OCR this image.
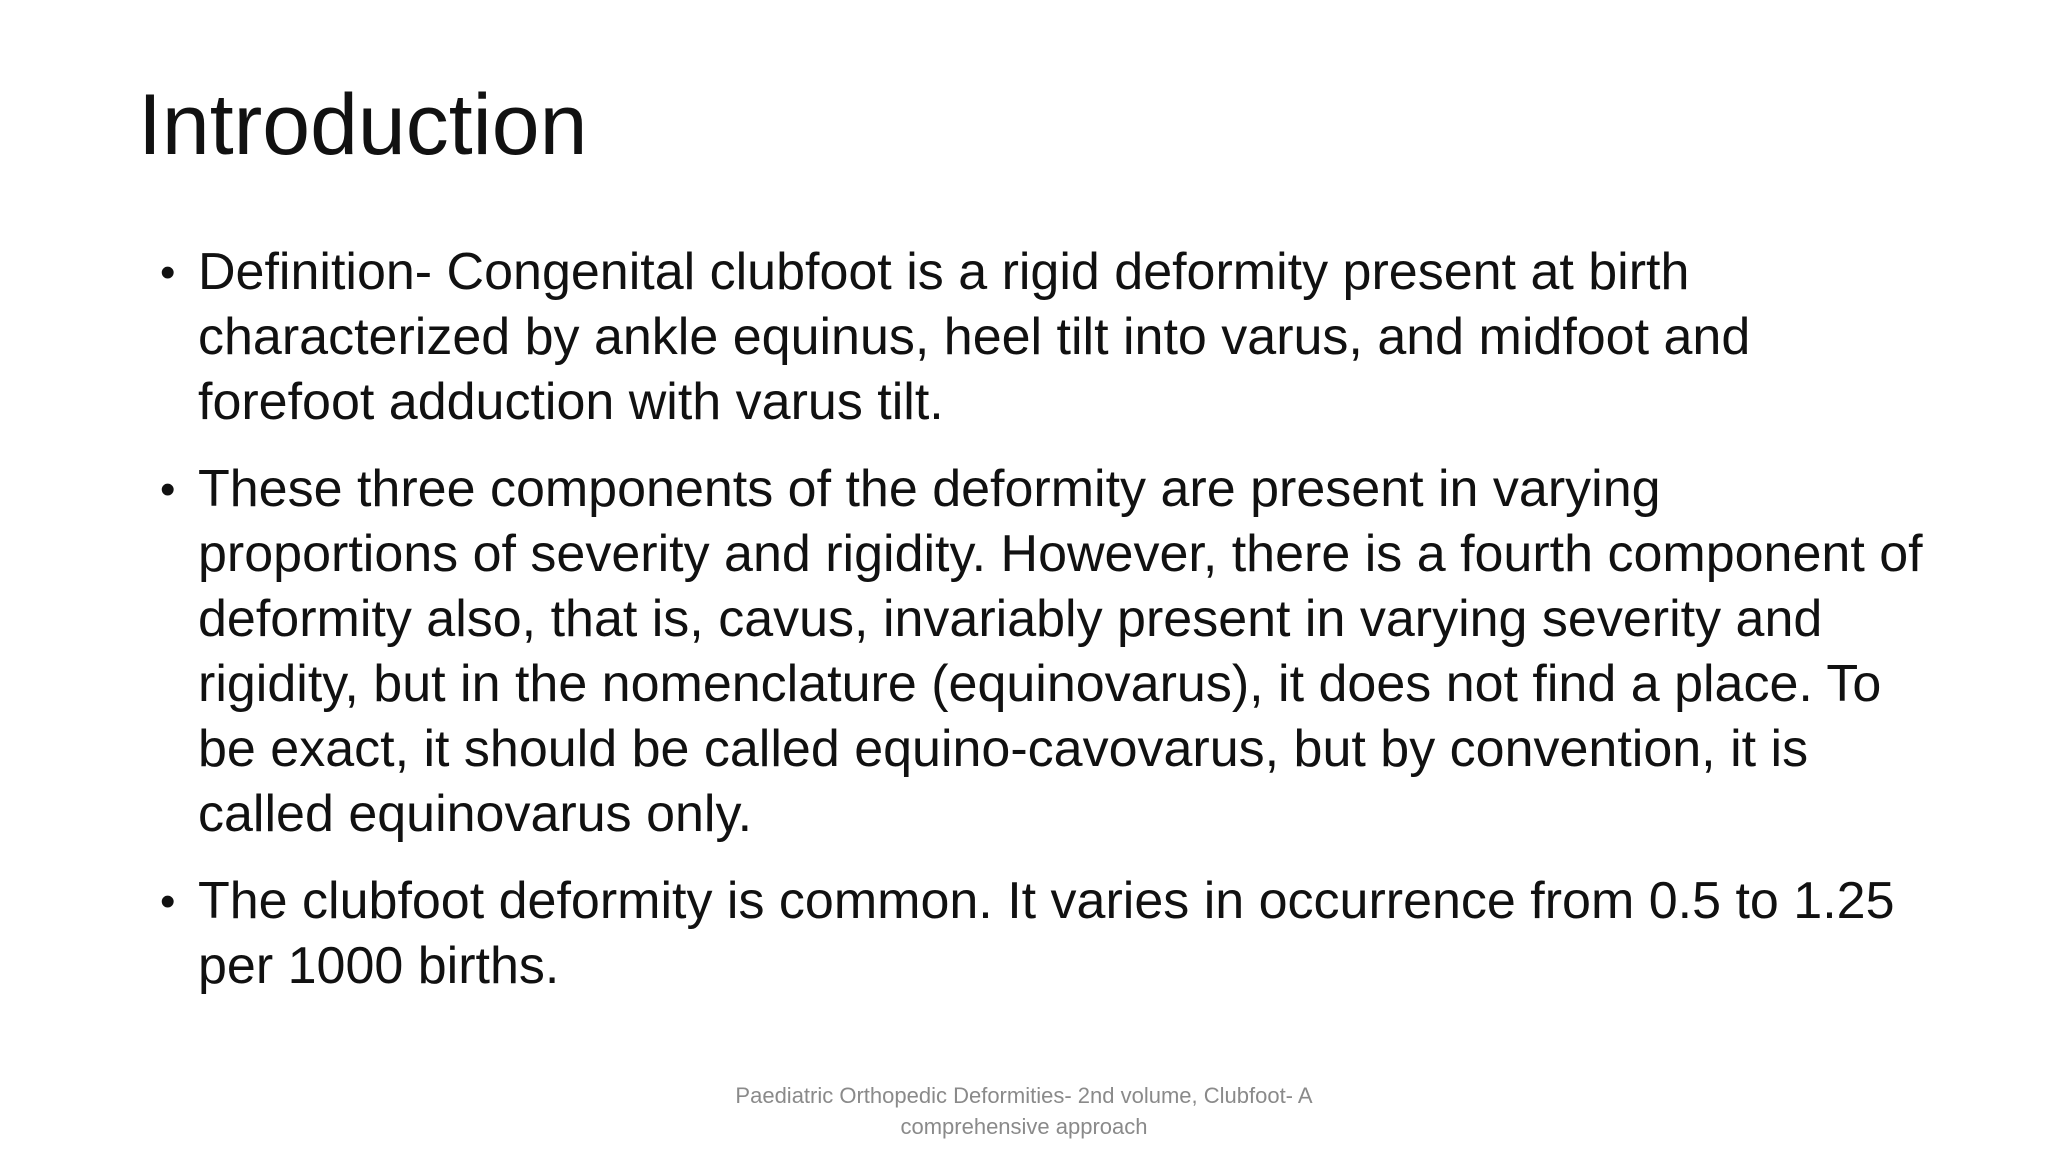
Introduction
• Definition- Congenital clubfoot is a rigid deformity present at birth characterized by ankle equinus, heel tilt into varus, and midfoot and forefoot adduction with varus tilt.
• These three components of the deformity are present in varying proportions of severity and rigidity. However, there is a fourth component of deformity also, that is, cavus, invariably present in varying severity and rigidity, but in the nomenclature (equinovarus), it does not find a place. To be exact, it should be called equino-cavovarus, but by convention, it is called equinovarus only.
• The clubfoot deformity is common. It varies in occurrence from 0.5 to 1.25 per 1000 births.
Paediatric Orthopedic Deformities- 2nd volume, Clubfoot- A
comprehensive approach
